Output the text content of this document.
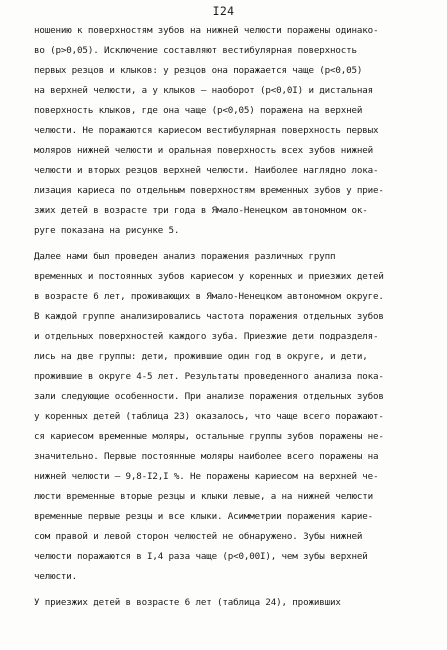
I24
ношению к поверхностям зубов на нижней челюсти поражены одинако-
во (p>0,05). Исключение составляют вестибулярная поверхность
первых резцов и клыков: у резцов она поражается чаще (p<0,05)
на верхней челюсти, а у клыков – наоборот (p<0,0I) и дистальная
поверхность клыков, где она чаще (p<0,05) поражена на верхней
челюсти. Не поражаются кариесом вестибулярная поверхность первых
моляров нижней челюсти и оральная поверхность всех зубов нижней
челюсти и вторых резцов верхней челюсти. Наиболее наглядно лока-
лизация кариеса по отдельным поверхностям временных зубов у прие-
зжих детей в возрасте три года в Ямало-Ненецком автономном ок-
руге показана на рисунке 5.
Далее нами был проведен анализ поражения различных групп
временных и постоянных зубов кариесом у коренных и приезжих детей
в возрасте 6 лет, проживающих в Ямало-Ненецком автономном округе.
В каждой группе анализировались частота поражения отдельных зубов
и отдельных поверхностей каждого зуба. Приезжие дети подразделя-
лись на две группы: дети, прожившие один год в округе, и дети,
прожившие в округе 4-5 лет. Результаты проведенного анализа пока-
зали следующие особенности. При анализе поражения отдельных зубов
у коренных детей (таблица 23) оказалось, что чаще всего поражают-
ся кариесом временные моляры, остальные группы зубов поражены не-
значительно. Первые постоянные моляры наиболее всего поражены на
нижней челюсти – 9,8-I2,I %. Не поражены кариесом на верхней че-
люсти временные вторые резцы и клыки левые, а на нижней челюсти
временные первые резцы и все клыки. Асимметрии поражения карие-
сом правой и левой сторон челюстей не обнаружено. Зубы нижней
челюсти поражаются в I,4 раза чаще (p<0,00I), чем зубы верхней
челюсти.
У приезжих детей в возрасте 6 лет (таблица 24), проживших
